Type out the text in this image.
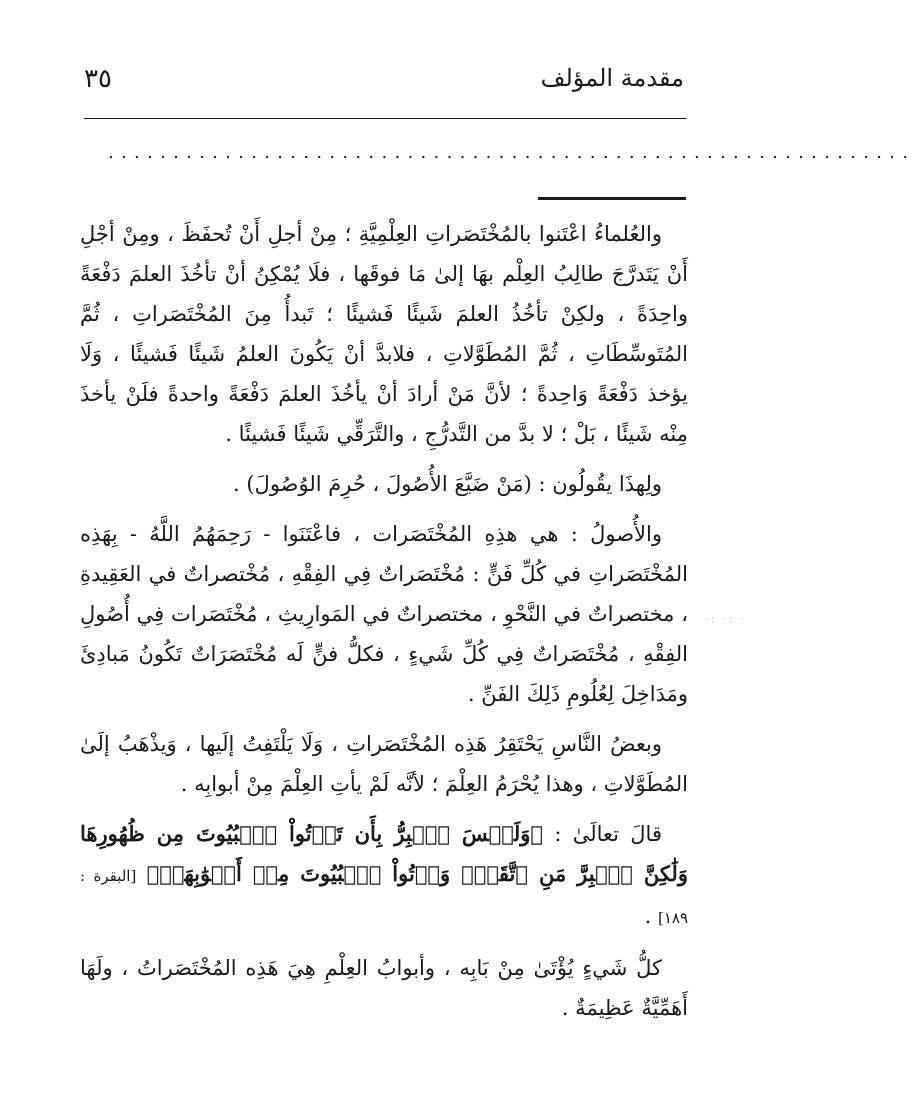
مقدمة المؤلف
٣٥
..............................................................
·: ·: ·

والعُلماءُ اعْتَنوا بالمُخْتَصَراتِ العِلْمِيَّةِ ؛ مِنْ أجلِ أَنْ تُحفَظَ ، ومِنْ أجْلِ أَنْ يَتَدرَّجَ طالِبُ العِلْم بهَا إلىٰ مَا فوقَها ، فلَا يُمْكِنُ أنْ تأخُذَ العلمَ دَفْعَةً واحِدَةً ، ولكِنْ تأخُذُ العلمَ شَيئًا فَشيئًا ؛ تَبدأُ مِنَ المُخْتَصَراتِ ، ثُمَّ المُتَوسِّطَاتِ ، ثُمَّ المُطَوَّلاتِ ، فلابدَّ أنْ يَكُونَ العلمُ شَيئًا فَشيئًا ، وَلَا يؤخذ دَفْعَةً وَاحِدةً ؛ لأنَّ مَنْ أرادَ أنْ يأخُذَ العلمَ دَفْعَةً واحدةً فلَنْ يأخذَ مِنْه شَيئًا ، بَلْ ؛ لا بدَّ من التَّدرُّجِ ، والتَّرَقِّي شَيئًا فَشيئًا .

ولِهذَا يقُولُون : (مَنْ ضَيَّعَ الأُصُولَ ، حُرِمَ الوُصُولَ) .

والأُصولُ : هي هذِهِ المُخْتَصَرات ، فاعْتَنَوا - رَحِمَهُمُ اللَّهُ - بِهَذِه المُخْتَصَراتِ في كُلِّ فَنٍّ : مُخْتَصَراتٌ فِي الفِقْهِ ، مُخْتصراتٌ في العَقِيدةِ ، مختصراتٌ في النَّحْوِ ، مختصراتٌ في المَوارِيثِ ، مُخْتَصَرات فِي أُصُولِ الفِقْهِ ، مُخْتَصَراتٌ فِي كُلِّ شَيءٍ ، فكلُّ فنٍّ لَه مُخْتَصَرَاتٌ تَكُونُ مَبادِئَ ومَدَاخِلَ لِعُلُومِ ذَلِكَ الفَنِّ .

وبعضُ النَّاسِ يَحْتَقِرُ هَذِه المُخْتَصَراتِ ، وَلَا يَلْتَفِتُ إلَيها ، وَيذْهَبُ إلَىٰ المُطَوَّلاتِ ، وهذا يُحْرَمُ العِلْمَ ؛ لأنَّه لَمْ يأتِ العِلْمَ مِنْ أبوابِه .

قالَ تعالَىٰ : ﴿وَلَيۡسَ ٱلۡبِرُّ بِأَن تَأۡتُواْ ٱلۡبُيُوتَ مِن ظُهُورِهَا وَلَٰكِنَّ ٱلۡبِرَّ مَنِ ٱتَّقَىٰۗ وَأۡتُواْ ٱلۡبُيُوتَ مِنۡ أَبۡوَٰبِهَاۚ﴾ [البقرة : ١٨٩] .

كلُّ شَيءٍ يُؤْتَىٰ مِنْ بَابِه ، وأبوابُ العِلْمِ هِيَ هَذِه المُخْتَصَراتُ ، ولَهَا أَهَمِّيَّةٌ عَظِيمَةٌ .
